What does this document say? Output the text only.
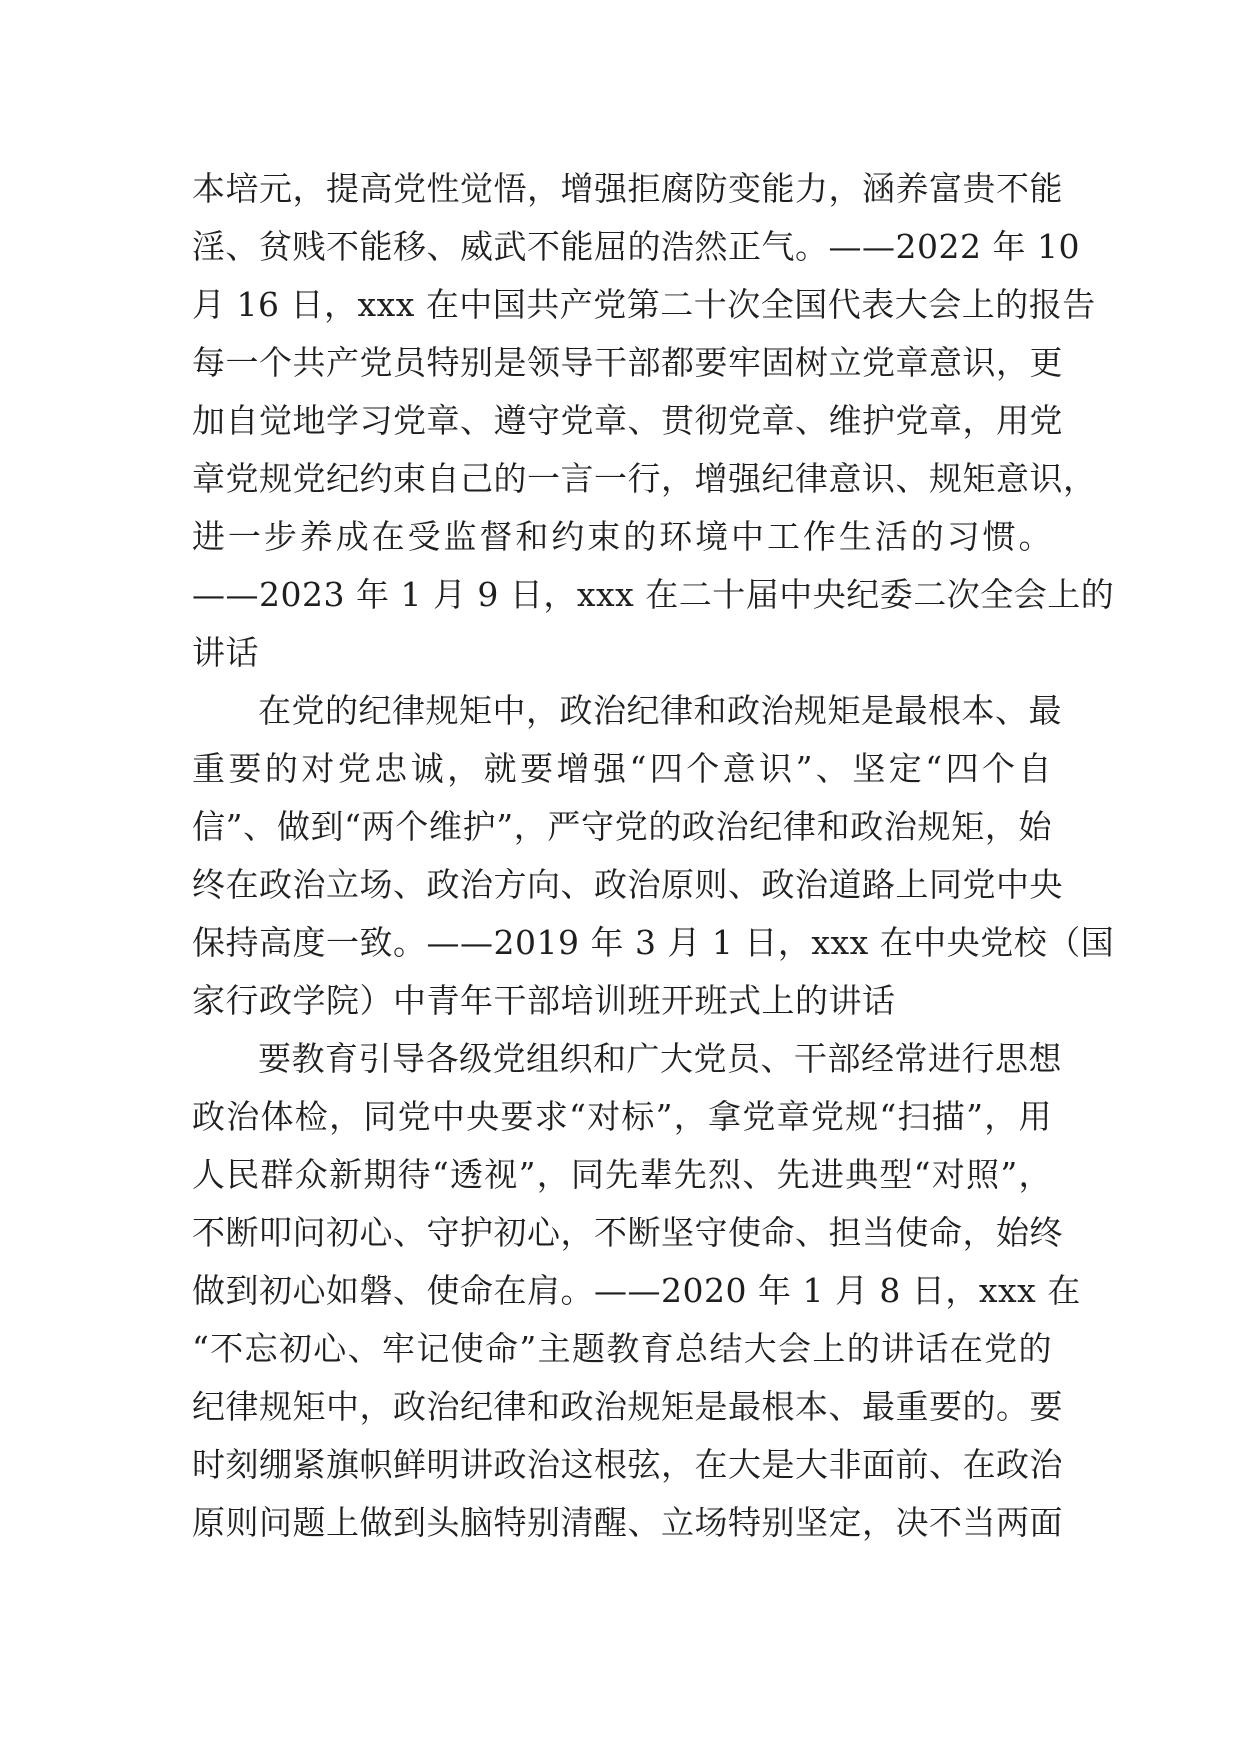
本培元，提高党性觉悟，增强拒腐防变能力，涵养富贵不能
淫、贫贱不能移、威武不能屈的浩然正气。——2022 年 10
月 16 日，xxx 在中国共产党第二十次全国代表大会上的报告
每一个共产党员特别是领导干部都要牢固树立党章意识，更
加自觉地学习党章、遵守党章、贯彻党章、维护党章，用党
章党规党纪约束自己的一言一行，增强纪律意识、规矩意识，
进一步养成在受监督和约束的环境中工作生活的习惯。
——2023 年 1 月 9 日，xxx 在二十届中央纪委二次全会上的
讲话
在党的纪律规矩中，政治纪律和政治规矩是最根本、最
重要的对党忠诚，就要增强“四个意识”、坚定“四个自
信”、做到“两个维护”，严守党的政治纪律和政治规矩，始
终在政治立场、政治方向、政治原则、政治道路上同党中央
保持高度一致。——2019 年 3 月 1 日，xxx 在中央党校（国
家行政学院）中青年干部培训班开班式上的讲话
要教育引导各级党组织和广大党员、干部经常进行思想
政治体检，同党中央要求“对标”，拿党章党规“扫描”，用
人民群众新期待“透视”，同先辈先烈、先进典型“对照”，
不断叩问初心、守护初心，不断坚守使命、担当使命，始终
做到初心如磐、使命在肩。——2020 年 1 月 8 日，xxx 在
“不忘初心、牢记使命”主题教育总结大会上的讲话在党的
纪律规矩中，政治纪律和政治规矩是最根本、最重要的。要
时刻绷紧旗帜鲜明讲政治这根弦，在大是大非面前、在政治
原则问题上做到头脑特别清醒、立场特别坚定，决不当两面
